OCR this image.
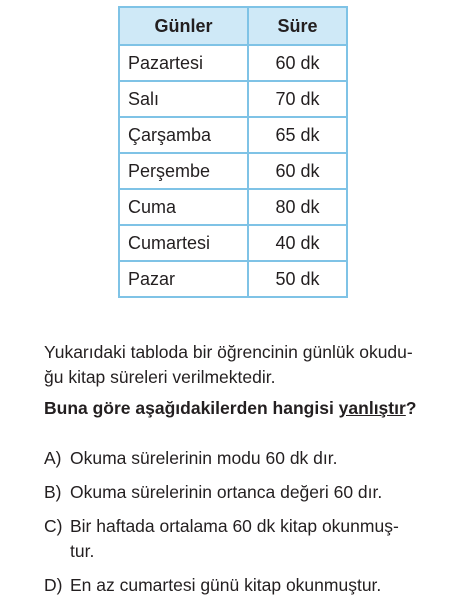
Günler	Süre
Pazartesi	60 dk
Salı	70 dk
Çarşamba	65 dk
Perşembe	60 dk
Cuma	80 dk
Cumartesi	40 dk
Pazar	50 dk

Yukarıdaki tabloda bir öğrencinin günlük okudu-
ğu kitap süreleri verilmektedir.

Buna göre aşağıdakilerden hangisi yanlıştır?

A) Okuma sürelerinin modu 60 dk dır.
B) Okuma sürelerinin ortanca değeri 60 dır.
C) Bir haftada ortalama 60 dk kitap okunmuş-
tur.
D) En az cumartesi günü kitap okunmuştur.
